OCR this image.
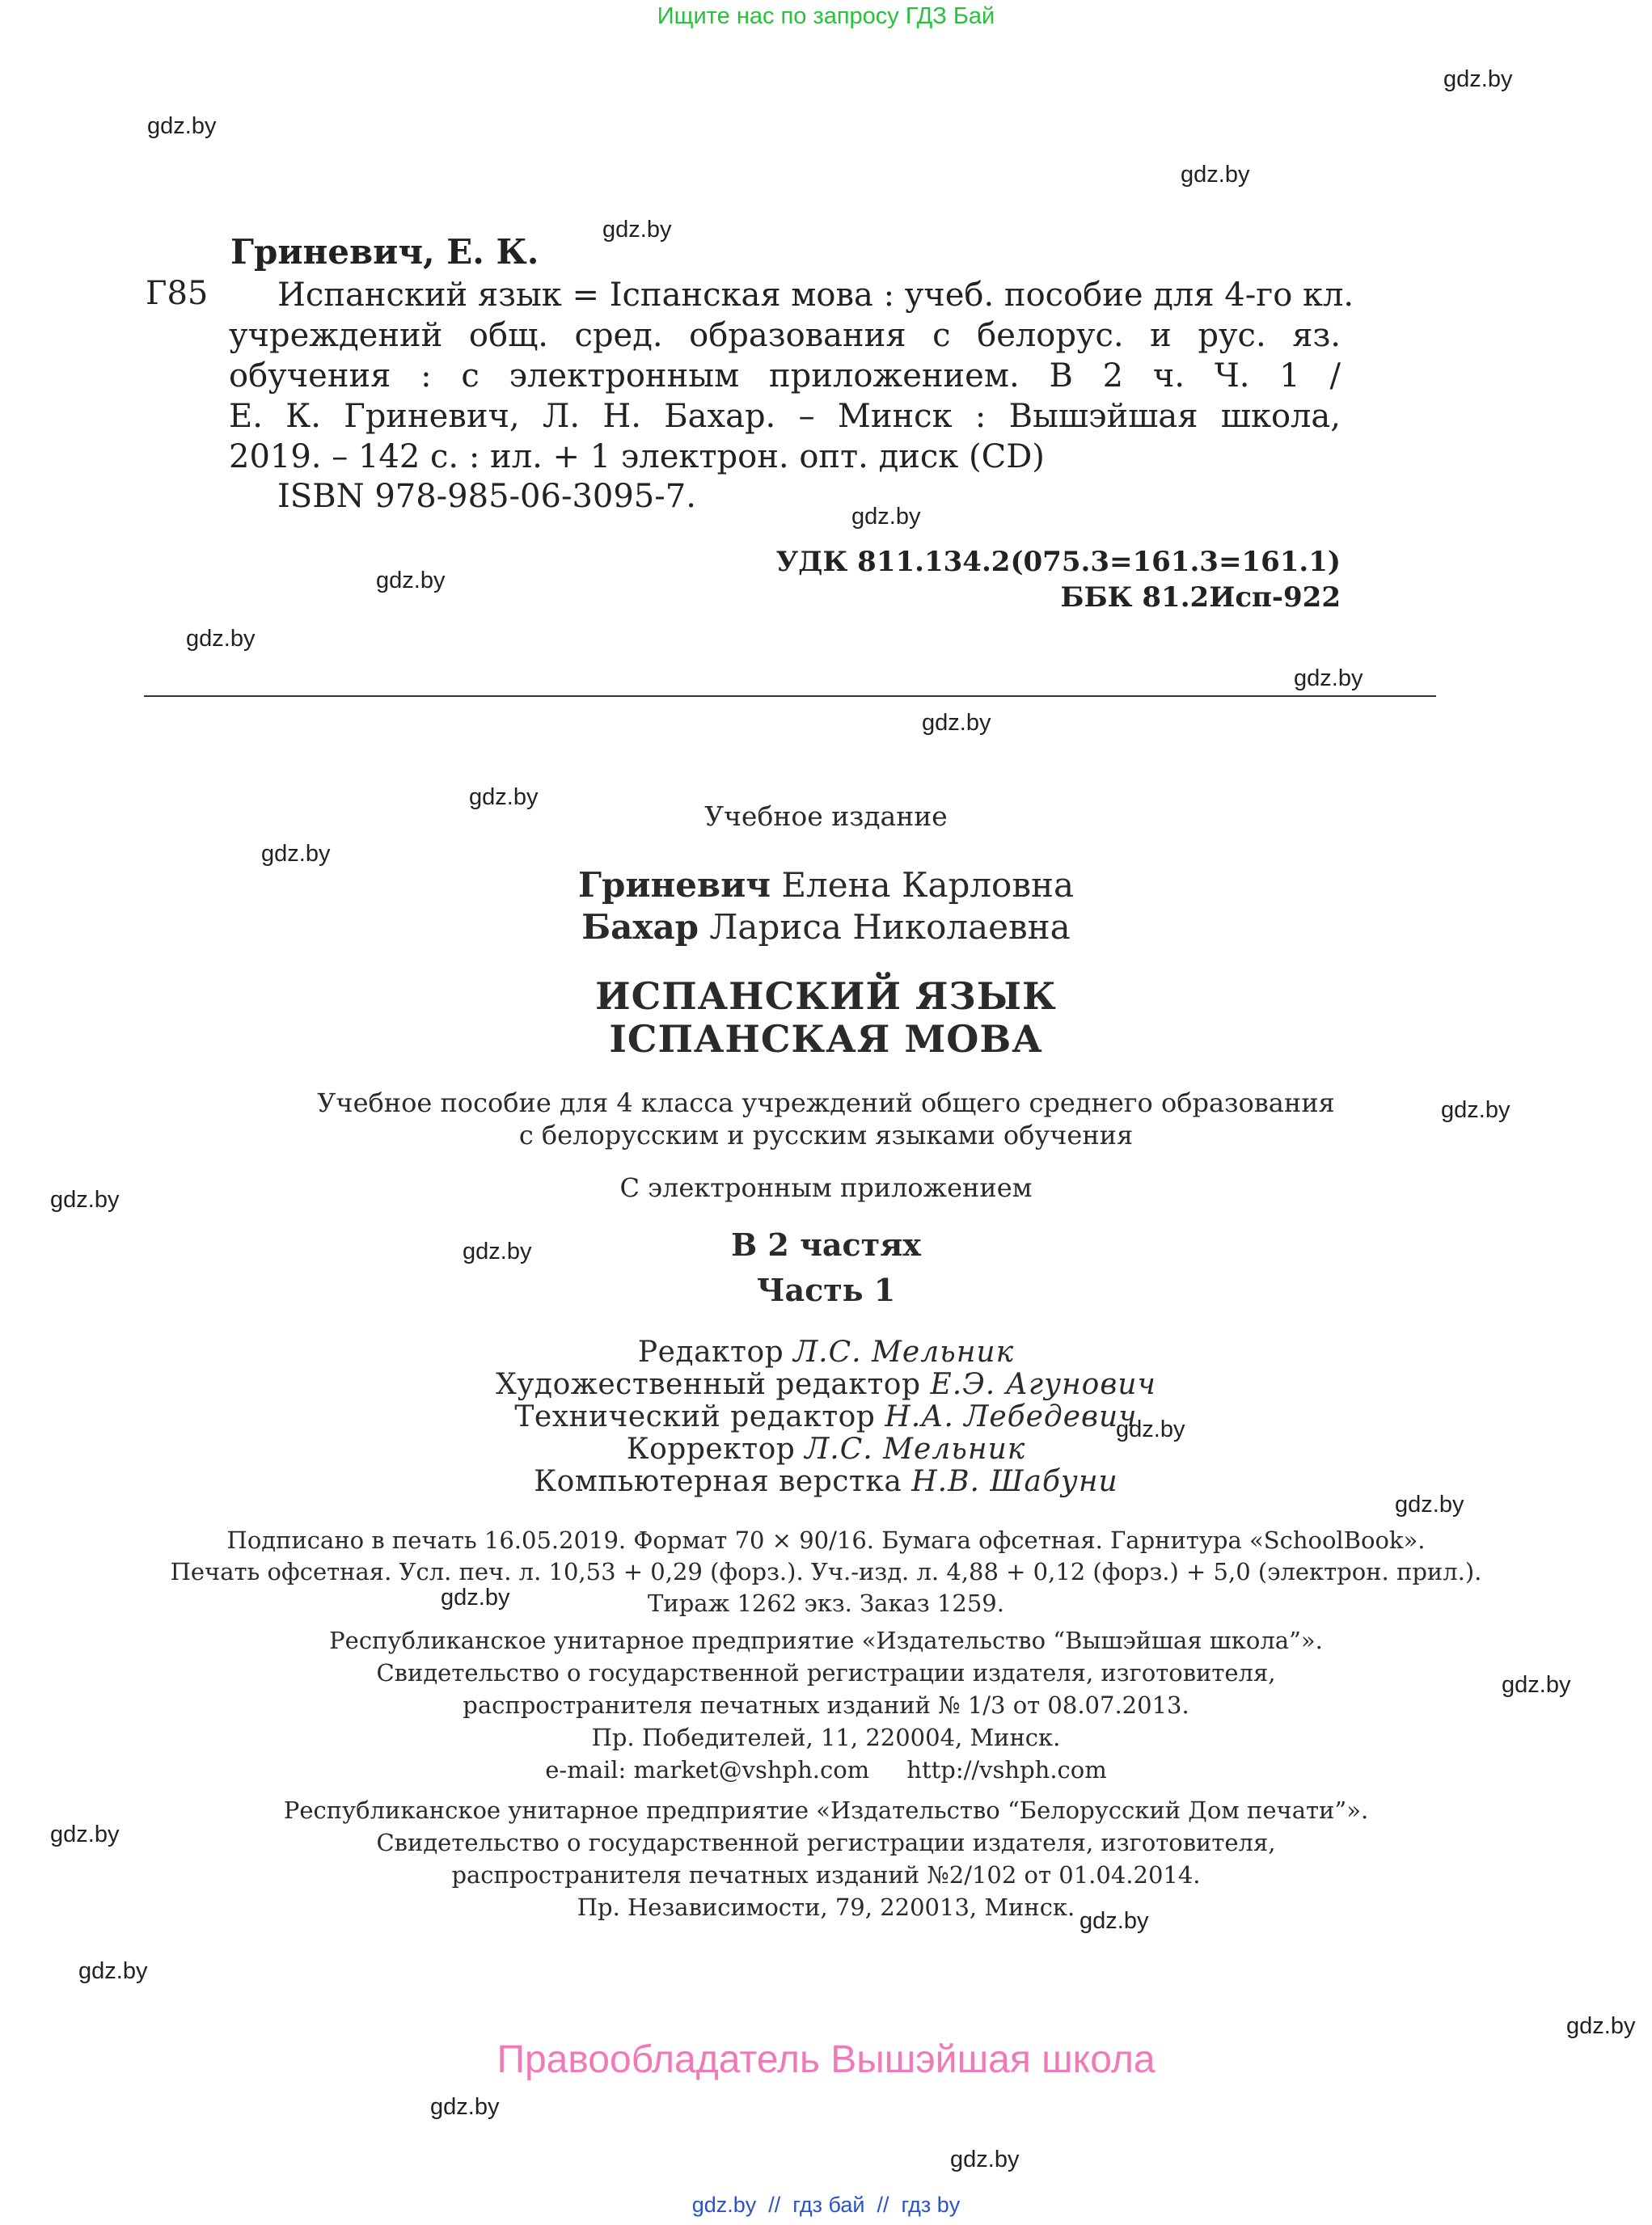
Ищите нас по запросу ГДЗ Бай
gdz.by
gdz.by
gdz.by
gdz.by
gdz.by
gdz.by
gdz.by
gdz.by
gdz.by
gdz.by
gdz.by
gdz.by
gdz.by
gdz.by
gdz.by
gdz.by
gdz.by
gdz.by
gdz.by
gdz.by
gdz.by
gdz.by
gdz.by
gdz.by
Гриневич, Е. К.
Г85	Испанский язык = Іспанская мова : учеб. пособие для 4-го кл.
учреждений общ. сред. образования с белорус. и рус. яз.
обучения : с электронным приложением. В 2 ч. Ч. 1 /
Е. К. Гриневич, Л. Н. Бахар. – Минск : Вышэйшая школа,
2019. – 142 с. : ил. + 1 электрон. опт. диск (CD)
ISBN 978-985-06-3095-7.
УДК 811.134.2(075.3=161.3=161.1)
ББК 81.2Исп-922
Учебное издание
Гриневич Елена Карловна
Бахар Лариса Николаевна
ИСПАНСКИЙ ЯЗЫК
ІСПАНСКАЯ МОВА
Учебное пособие для 4 класса учреждений общего среднего образования
с белорусским и русским языками обучения
С электронным приложением
В 2 частях
Часть 1
Редактор Л.С. Мельник
Художественный редактор Е.Э. Агунович
Технический редактор Н.А. Лебедевич
Корректор Л.С. Мельник
Компьютерная верстка Н.В. Шабуни
Подписано в печать 16.05.2019. Формат 70 × 90/16. Бумага офсетная. Гарнитура «SchoolBook».
Печать офсетная. Усл. печ. л. 10,53 + 0,29 (форз.). Уч.-изд. л. 4,88 + 0,12 (форз.) + 5,0 (электрон. прил.).
Тираж 1262 экз. Заказ 1259.
Республиканское унитарное предприятие «Издательство “Вышэйшая школа”».
Свидетельство о государственной регистрации издателя, изготовителя,
распространителя печатных изданий № 1/3 от 08.07.2013.
Пр. Победителей, 11, 220004, Минск.
e-mail: market@vshph.com     http://vshph.com
Республиканское унитарное предприятие «Издательство “Белорусский Дом печати”».
Свидетельство о государственной регистрации издателя, изготовителя,
распространителя печатных изданий №2/102 от 01.04.2014.
Пр. Независимости, 79, 220013, Минск.
Правообладатель Вышэйшая школа
gdz.by  //  гдз бай  //  гдз by
